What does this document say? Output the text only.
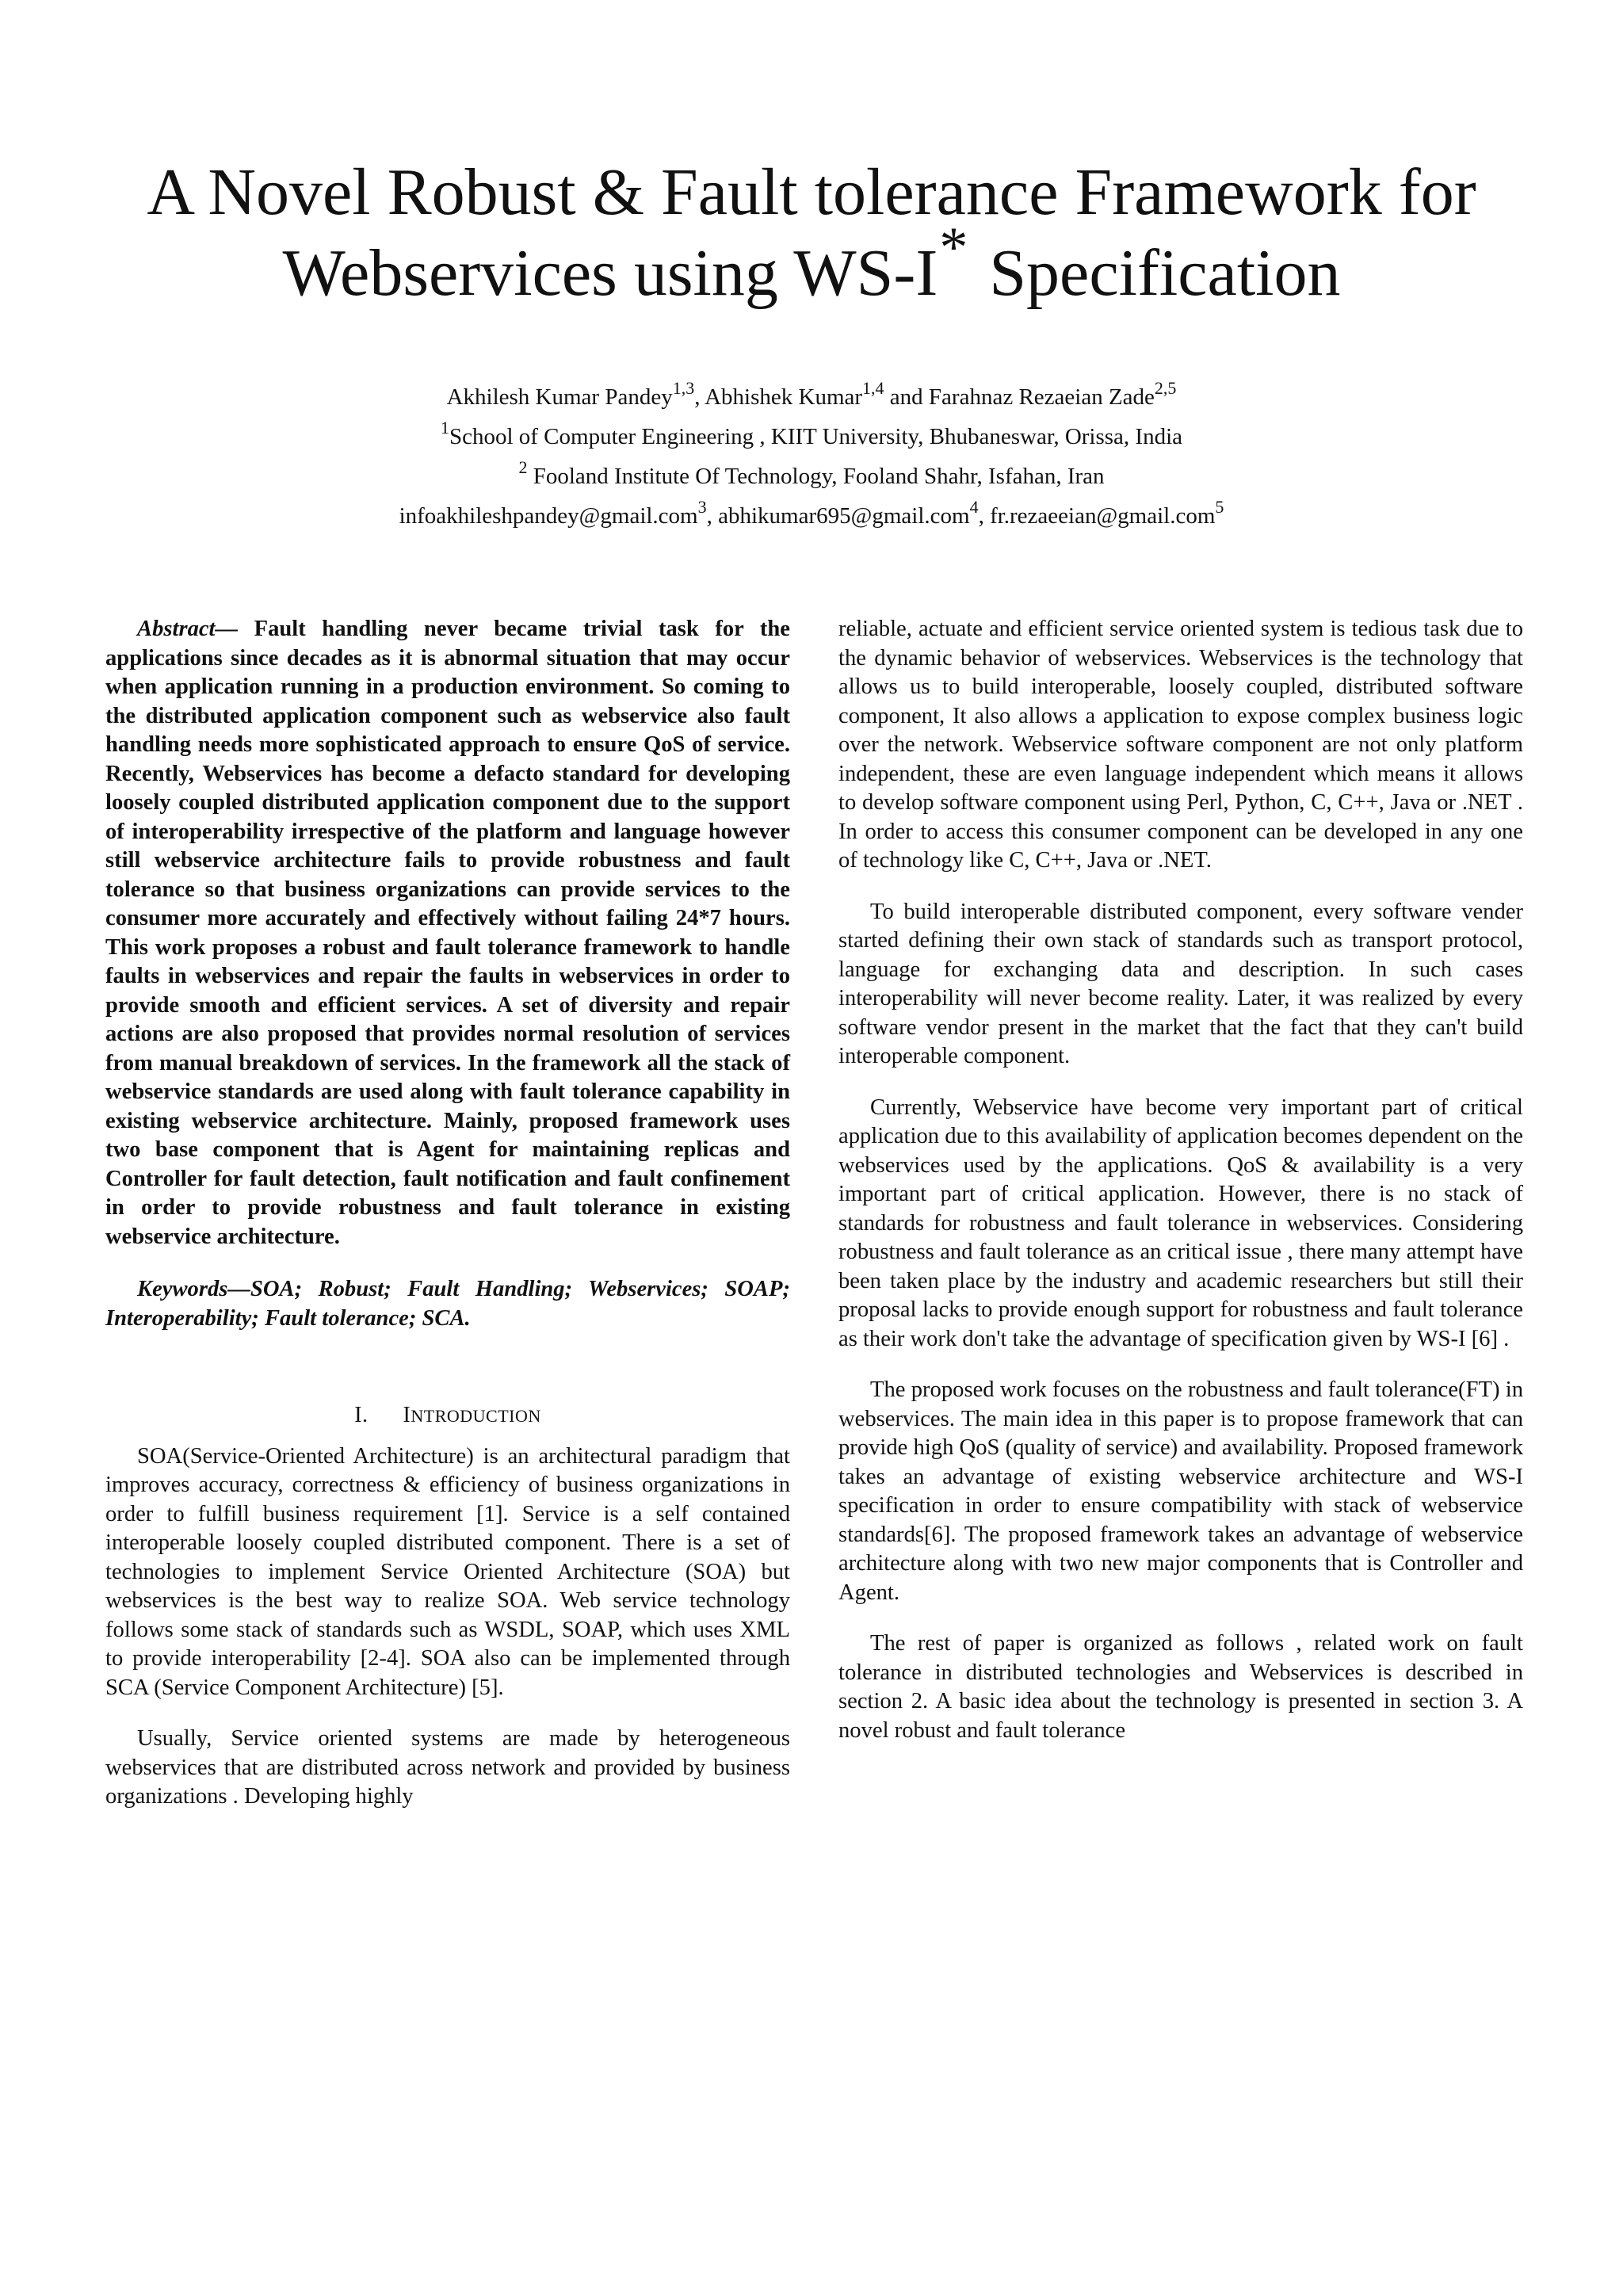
A Novel Robust & Fault tolerance Framework for
Webservices using WS-I* Specification
Akhilesh Kumar Pandey$^{1,3}$, Abhishek Kumar$^{1,4}$ and Farahnaz Rezaeian Zade$^{2,5}$
$^1$School of Computer Engineering , KIIT University, Bhubaneswar, Orissa, India
$^2$ Fooland Institute Of Technology, Fooland Shahr, Isfahan, Iran
infoakhileshpandey@gmail.com$^3$, abhikumar695@gmail.com$^4$, fr.rezaeeian@gmail.com$^5$

Abstract— Fault handling never became trivial task for the applications since decades as it is abnormal situation that may occur when application running in a production environment. So coming to the distributed application component such as webservice also fault handling needs more sophisticated approach to ensure QoS of service. Recently, Webservices has become a defacto standard for developing loosely coupled distributed application component due to the support of interoperability irrespective of the platform and language however still webservice architecture fails to provide robustness and fault tolerance so that business organizations can provide services to the consumer more accurately and effectively without failing 24*7 hours. This work proposes a robust and fault tolerance framework to handle faults in webservices and repair the faults in webservices in order to provide smooth and efficient services. A set of diversity and repair actions are also proposed that provides normal resolution of services from manual breakdown of services. In the framework all the stack of webservice standards are used along with fault tolerance capability in existing webservice architecture. Mainly, proposed framework uses two base component that is Agent for maintaining replicas and Controller for fault detection, fault notification and fault confinement in order to provide robustness and fault tolerance in existing webservice architecture.

Keywords—SOA; Robust; Fault Handling; Webservices; SOAP; Interoperability; Fault tolerance; SCA.

I. INTRODUCTION

SOA(Service-Oriented Architecture) is an architectural paradigm that improves accuracy, correctness & efficiency of business organizations in order to fulfill business requirement [1]. Service is a self contained interoperable loosely coupled distributed component. There is a set of technologies to implement Service Oriented Architecture (SOA) but webservices is the best way to realize SOA. Web service technology follows some stack of standards such as WSDL, SOAP, which uses XML to provide interoperability [2-4]. SOA also can be implemented through SCA (Service Component Architecture) [5].

Usually, Service oriented systems are made by heterogeneous webservices that are distributed across network and provided by business organizations . Developing highly

reliable, actuate and efficient service oriented system is tedious task due to the dynamic behavior of webservices. Webservices is the technology that allows us to build interoperable, loosely coupled, distributed software component, It also allows a application to expose complex business logic over the network. Webservice software component are not only platform independent, these are even language independent which means it allows to develop software component using Perl, Python, C, C++, Java or .NET . In order to access this consumer component can be developed in any one of technology like C, C++, Java or .NET.

To build interoperable distributed component, every software vender started defining their own stack of standards such as transport protocol, language for exchanging data and description. In such cases interoperability will never become reality. Later, it was realized by every software vendor present in the market that the fact that they can't build interoperable component.

Currently, Webservice have become very important part of critical application due to this availability of application becomes dependent on the webservices used by the applications. QoS & availability is a very important part of critical application. However, there is no stack of standards for robustness and fault tolerance in webservices. Considering robustness and fault tolerance as an critical issue , there many attempt have been taken place by the industry and academic researchers but still their proposal lacks to provide enough support for robustness and fault tolerance as their work don't take the advantage of specification given by WS-I [6] .

The proposed work focuses on the robustness and fault tolerance(FT) in webservices. The main idea in this paper is to propose framework that can provide high QoS (quality of service) and availability. Proposed framework takes an advantage of existing webservice architecture and WS-I specification in order to ensure compatibility with stack of webservice standards[6]. The proposed framework takes an advantage of webservice architecture along with two new major components that is Controller and Agent.

The rest of paper is organized as follows , related work on fault tolerance in distributed technologies and Webservices is described in section 2. A basic idea about the technology is presented in section 3. A novel robust and fault tolerance
